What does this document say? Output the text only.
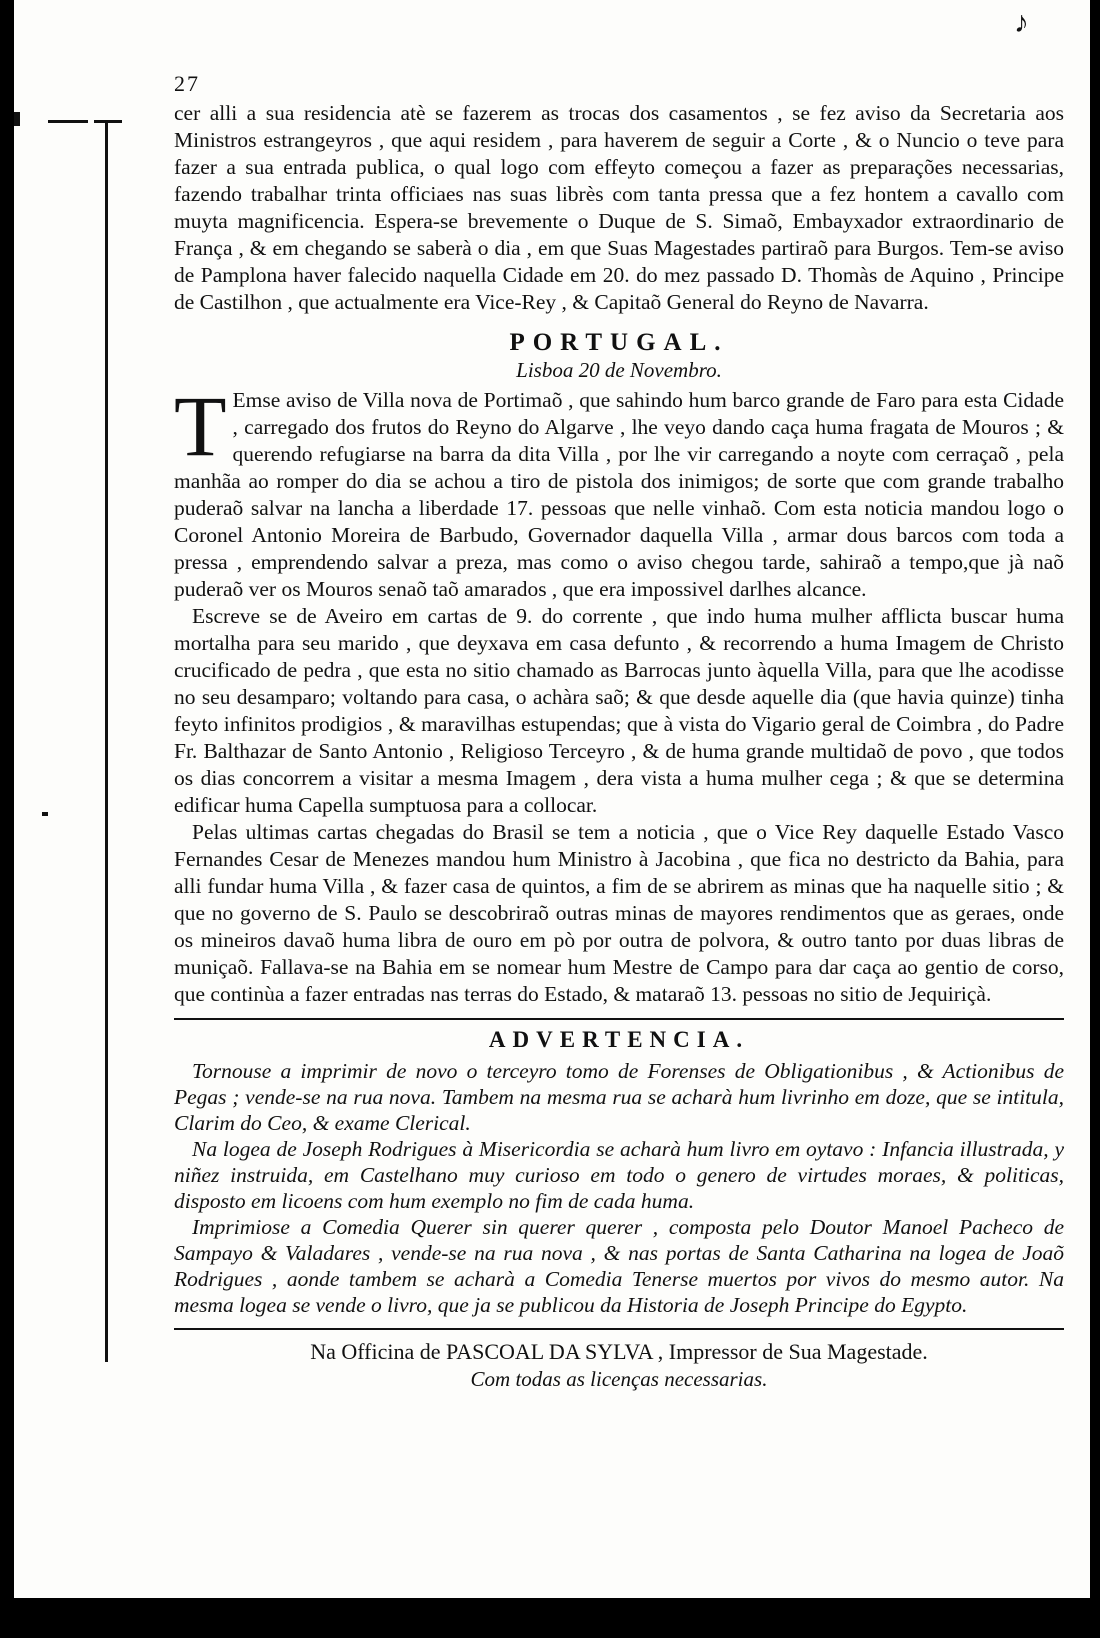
♪
27

cer alli a sua residencia atè se fazerem as trocas dos casamentos , se fez aviso da Secretaria aos Ministros estrangeyros , que aqui residem , para haverem de seguir a Corte , & o Nuncio o teve para fazer a sua entrada publica, o qual logo com effeyto começou a fazer as preparações necessarias, fazendo trabalhar trinta officiaes nas suas librès com tanta pressa que a fez hontem a cavallo com muyta magnificencia. Espera-se brevemente o Duque de S. Simaõ, Embayxador extraordinario de França , & em chegando se saberà o dia , em que Suas Magestades partiraõ para Burgos. Tem-se aviso de Pamplona haver falecido naquella Cidade em 20. do mez passado D. Thomàs de Aquino , Principe de Castilhon , que actualmente era Vice-Rey , & Capitaõ General do Reyno de Navarra.

PORTUGAL.
Lisboa 20 de Novembro.

T Emse aviso de Villa nova de Portimaõ , que sahindo hum barco grande de Faro para esta Cidade , carregado dos frutos do Reyno do Algarve , lhe veyo dando caça huma fragata de Mouros ; & querendo refugiarse na barra da dita Villa , por lhe vir carregando a noyte com cerraçaõ , pela manhãa ao romper do dia se achou a tiro de pistola dos inimigos; de sorte que com grande trabalho puderaõ salvar na lancha a liberdade 17. pessoas que nelle vinhaõ. Com esta noticia mandou logo o Coronel Antonio Moreira de Barbudo, Governador daquella Villa , armar dous barcos com toda a pressa , emprendendo salvar a preza, mas como o aviso chegou tarde, sahiraõ a tempo,que jà naõ puderaõ ver os Mouros senaõ taõ amarados , que era impossivel darlhes alcance.

Escreve se de Aveiro em cartas de 9. do corrente , que indo huma mulher afflicta buscar huma mortalha para seu marido , que deyxava em casa defunto , & recorrendo a huma Imagem de Christo crucificado de pedra , que esta no sitio chamado as Barrocas junto àquella Villa, para que lhe acodisse no seu desamparo; voltando para casa, o achàra saõ; & que desde aquelle dia (que havia quinze) tinha feyto infinitos prodigios , & maravilhas estupendas; que à vista do Vigario geral de Coimbra , do Padre Fr. Balthazar de Santo Antonio , Religioso Terceyro , & de huma grande multidaõ de povo , que todos os dias concorrem a visitar a mesma Imagem , dera vista a huma mulher cega ; & que se determina edificar huma Capella sumptuosa para a collocar.

Pelas ultimas cartas chegadas do Brasil se tem a noticia , que o Vice Rey daquelle Estado Vasco Fernandes Cesar de Menezes mandou hum Ministro à Jacobina , que fica no destricto da Bahia, para alli fundar huma Villa , & fazer casa de quintos, a fim de se abrirem as minas que ha naquelle sitio ; & que no governo de S. Paulo se descobriraõ outras minas de mayores rendimentos que as geraes, onde os mineiros davaõ huma libra de ouro em pò por outra de polvora, & outro tanto por duas libras de muniçaõ. Fallava-se na Bahia em se nomear hum Mestre de Campo para dar caça ao gentio de corso, que continùa a fazer entradas nas terras do Estado, & mataraõ 13. pessoas no sitio de Jequiriçà.

ADVERTENCIA.

Tornouse a imprimir de novo o terceyro tomo de Forenses de Obligationibus , & Actionibus de Pegas ; vende-se na rua nova. Tambem na mesma rua se acharà hum livrinho em doze, que se intitula, Clarim do Ceo, & exame Clerical.

Na logea de Joseph Rodrigues à Misericordia se acharà hum livro em oytavo : Infancia illustrada, y niñez instruida, em Castelhano muy curioso em todo o genero de virtudes moraes, & politicas, disposto em licoens com hum exemplo no fim de cada huma.

Imprimiose a Comedia Querer sin querer querer , composta pelo Doutor Manoel Pacheco de Sampayo & Valadares , vende-se na rua nova , & nas portas de Santa Catharina na logea de Joaõ Rodrigues , aonde tambem se acharà a Comedia Tenerse muertos por vivos do mesmo autor. Na mesma logea se vende o livro, que ja se publicou da Historia de Joseph Principe do Egypto.

Na Officina de PASCOAL DA SYLVA , Impressor de Sua Magestade.
Com todas as licenças necessarias.
